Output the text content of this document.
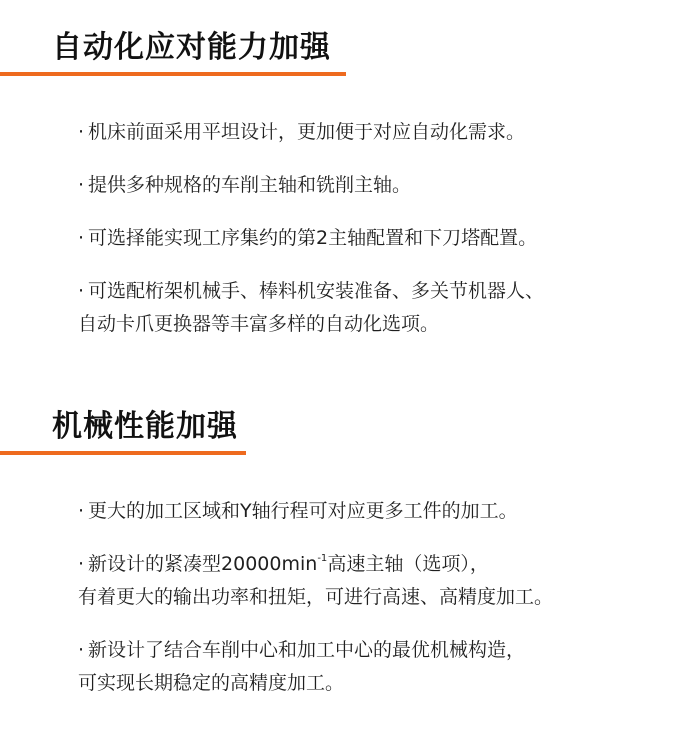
自动化应对能力加强
· 机床前面采用平坦设计，更加便于对应自动化需求。
· 提供多种规格的车削主轴和铣削主轴。
· 可选择能实现工序集约的第2主轴配置和下刀塔配置。
· 可选配桁架机械手、棒料机安装准备、多关节机器人、
自动卡爪更换器等丰富多样的自动化选项。
机械性能加强
· 更大的加工区域和Y轴行程可对应更多工件的加工。
· 新设计的紧凑型$20000\min^{-1}$高速主轴（选项），
有着更大的输出功率和扭矩，可进行高速、高精度加工。
· 新设计了结合车削中心和加工中心的最优机械构造，
可实现长期稳定的高精度加工。
